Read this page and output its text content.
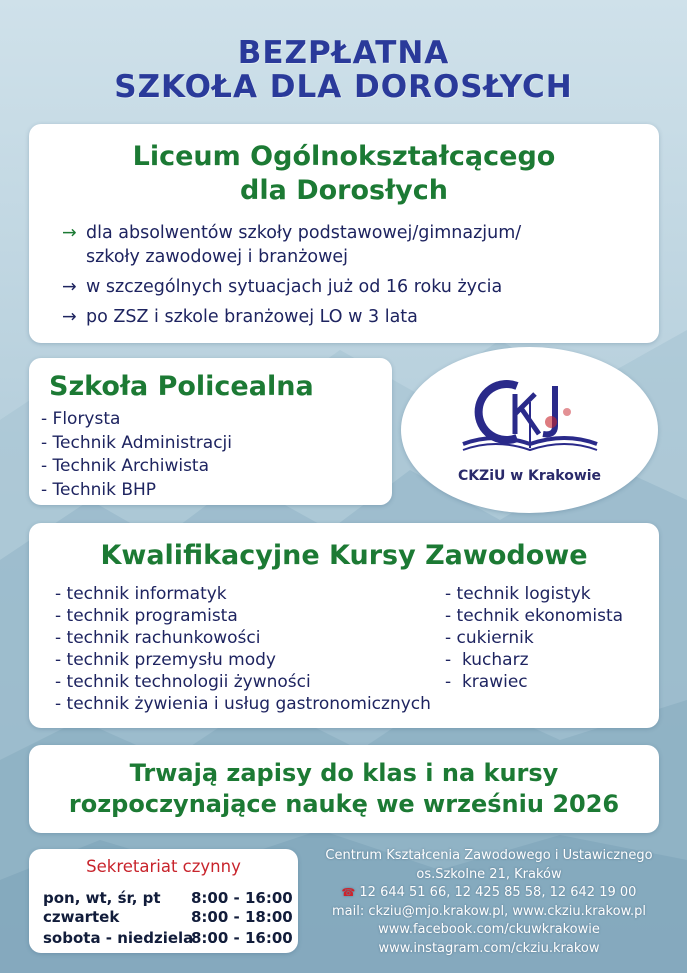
BEZPŁATNA
SZKOŁA DLA DOROSŁYCH
Liceum Ogólnokształcącego
dla Dorosłych
→ dla absolwentów szkoły podstawowej/gimnazjum/
szkoły zawodowej i branżowej
→ w szczególnych sytuacjach już od 16 roku życia
→ po ZSZ i szkole branżowej LO w 3 lata
Szkoła Policealna
- Florysta
- Technik Administracji
- Technik Archiwista
- Technik BHP
CKZiU w Krakowie
Kwalifikacyjne Kursy Zawodowe
- technik informatyk
- technik programista
- technik rachunkowości
- technik przemysłu mody
- technik technologii żywności
- technik żywienia i usług gastronomicznych
- technik logistyk
- technik ekonomista
- cukiernik
-  kucharz
-  krawiec
Trwają zapisy do klas i na kursy
rozpoczynające naukę we wrześniu 2026
Sekretariat czynny
pon, wt, śr, pt 8:00 - 16:00
czwartek	8:00 - 18:00
sobota - niedziela
8:00 - 16:00
Centrum Kształcenia Zawodowego i Ustawicznego
os.Szkolne 21, Kraków
☎ 12 644 51 66, 12 425 85 58, 12 642 19 00
mail: ckziu@mjo.krakow.pl, www.ckziu.krakow.pl
www.facebook.com/ckuwkrakowie
www.instagram.com/ckziu.krakow
